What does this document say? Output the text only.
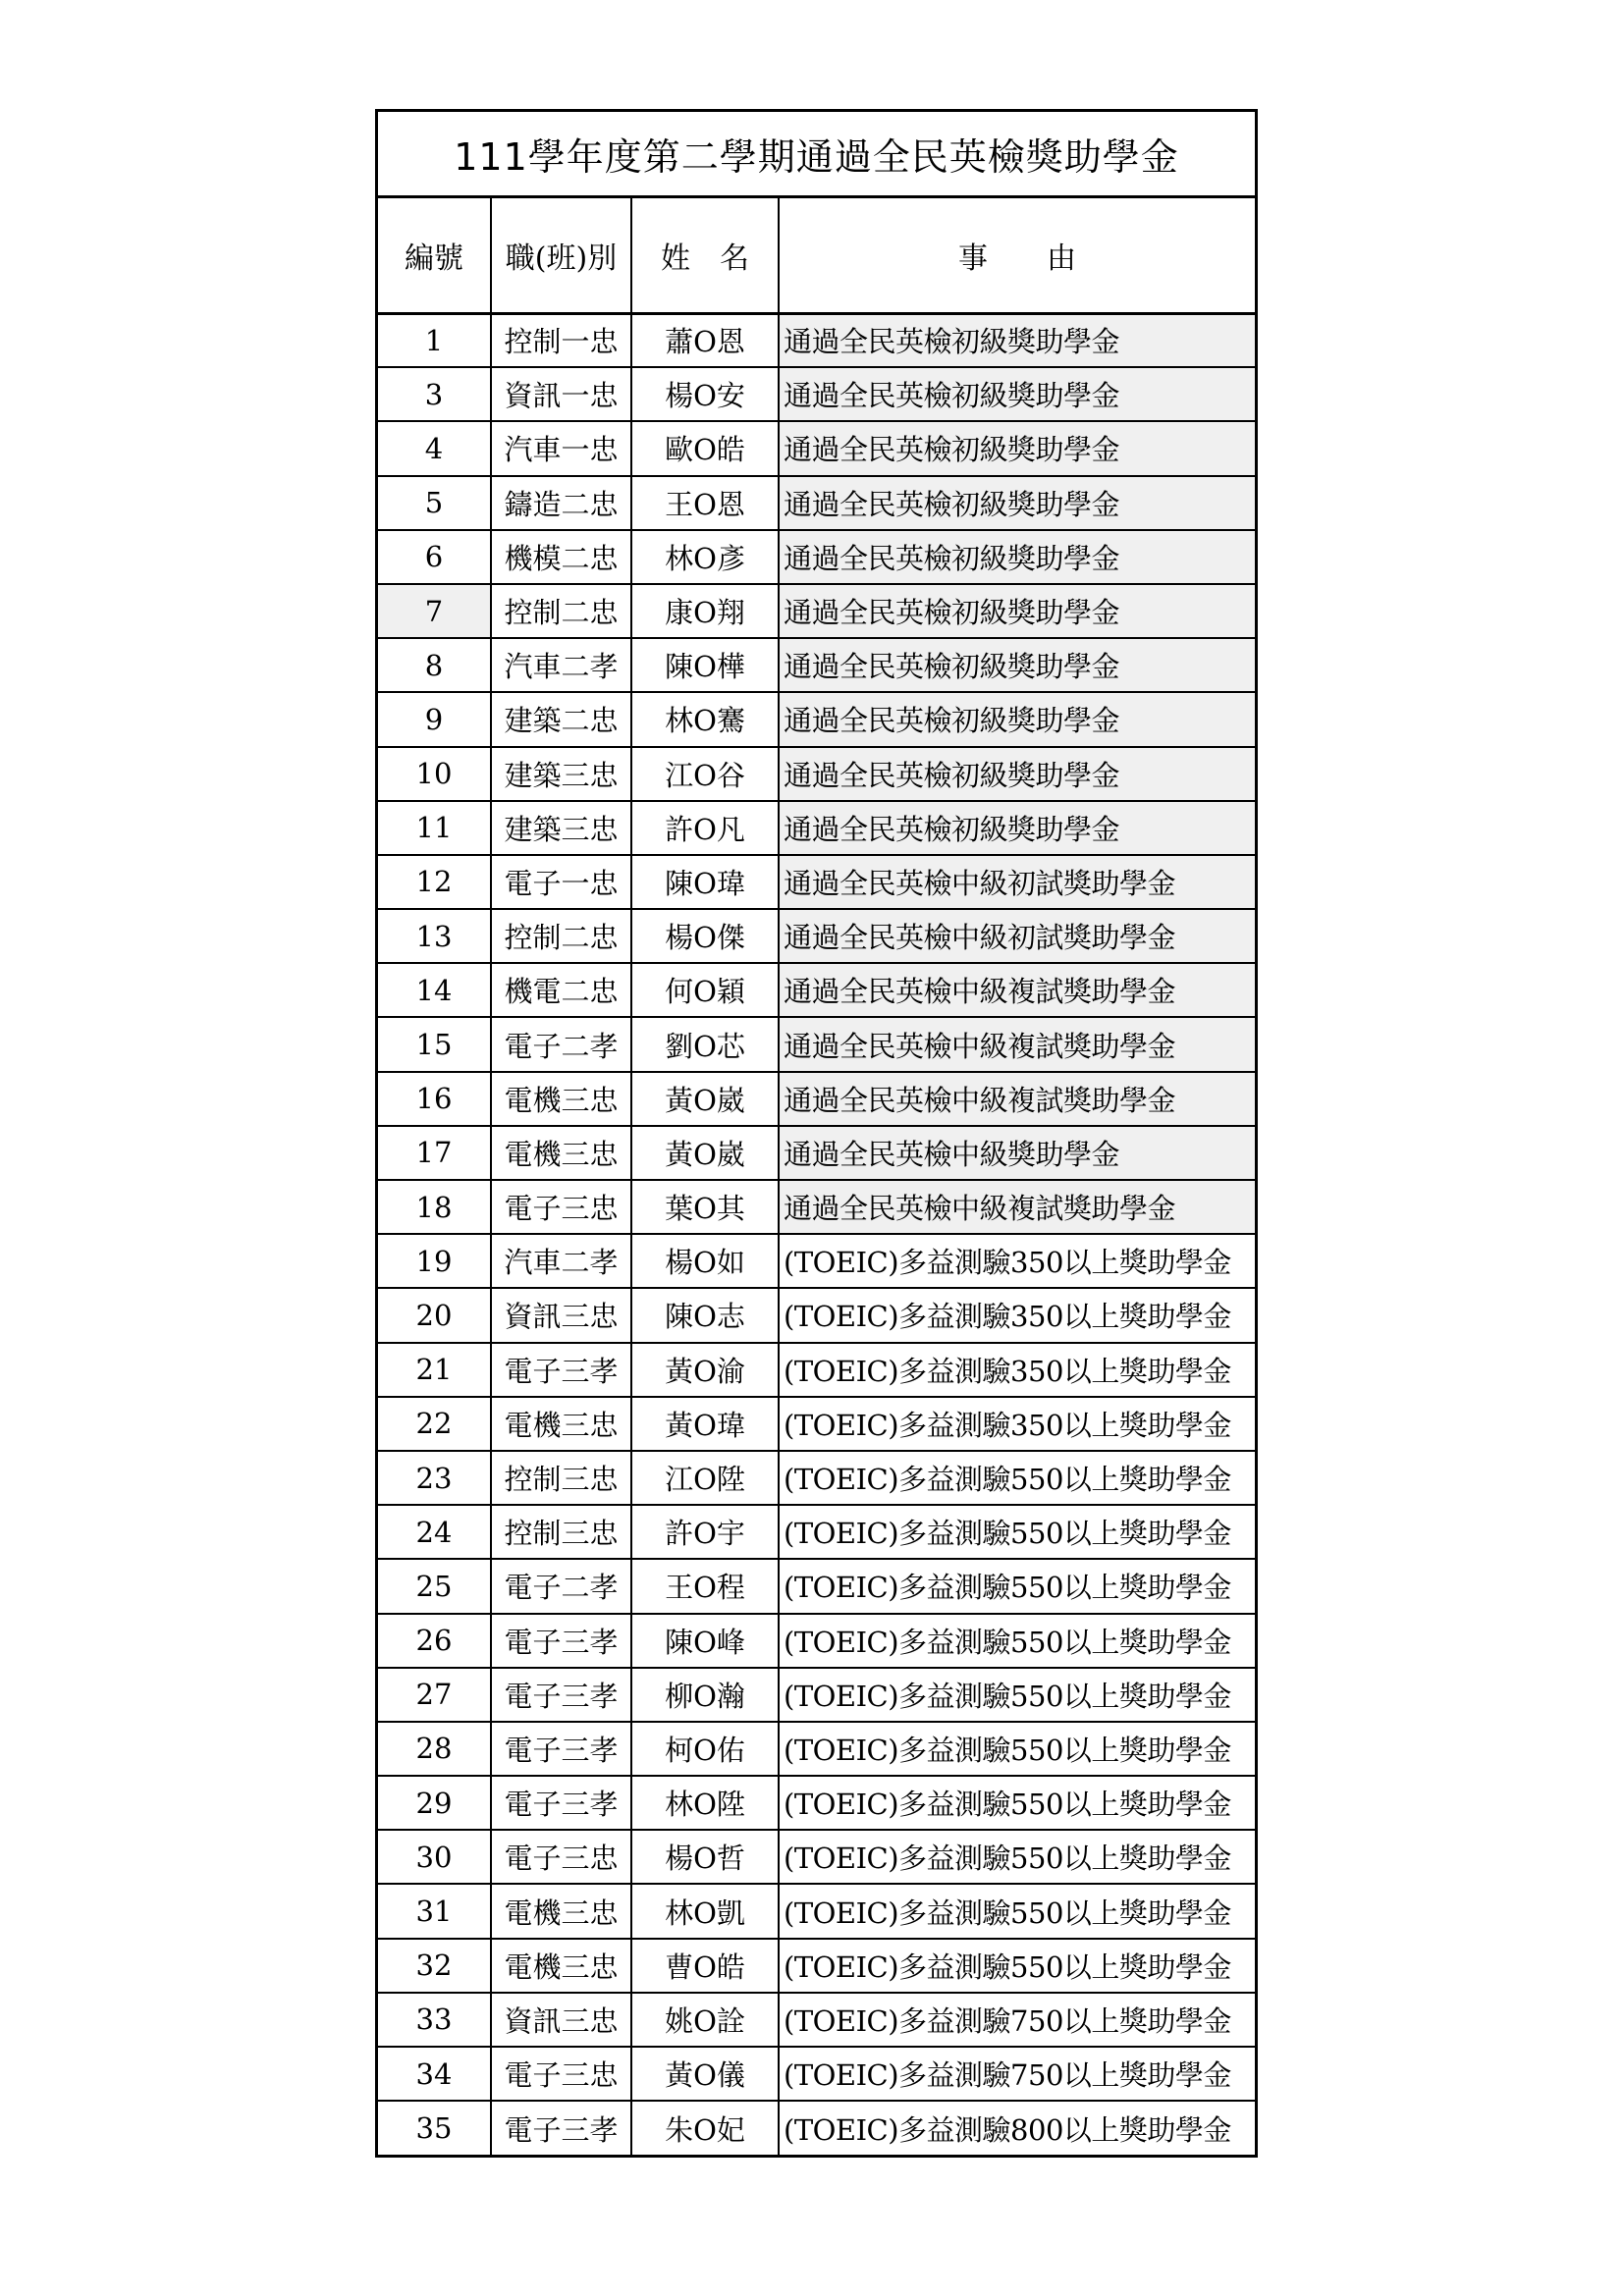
111學年度第二學期通過全民英檢獎助學金
編號	職(班)別	姓　名	事　　由
1	控制一忠	蕭O恩	通過全民英檢初級獎助學金
3	資訊一忠	楊O安	通過全民英檢初級獎助學金
4	汽車一忠	歐O皓	通過全民英檢初級獎助學金
5	鑄造二忠	王O恩	通過全民英檢初級獎助學金
6	機模二忠	林O彥	通過全民英檢初級獎助學金
7	控制二忠	康O翔	通過全民英檢初級獎助學金
8	汽車二孝	陳O樺	通過全民英檢初級獎助學金
9	建築二忠	林O騫	通過全民英檢初級獎助學金
10	建築三忠	江O谷	通過全民英檢初級獎助學金
11	建築三忠	許O凡	通過全民英檢初級獎助學金
12	電子一忠	陳O瑋	通過全民英檢中級初試獎助學金
13	控制二忠	楊O傑	通過全民英檢中級初試獎助學金
14	機電二忠	何O穎	通過全民英檢中級複試獎助學金
15	電子二孝	劉O芯	通過全民英檢中級複試獎助學金
16	電機三忠	黃O崴	通過全民英檢中級複試獎助學金
17	電機三忠	黃O崴	通過全民英檢中級獎助學金
18	電子三忠	葉O其	通過全民英檢中級複試獎助學金
19	汽車二孝	楊O如	(TOEIC)多益測驗350以上獎助學金
20	資訊三忠	陳O志	(TOEIC)多益測驗350以上獎助學金
21	電子三孝	黃O渝	(TOEIC)多益測驗350以上獎助學金
22	電機三忠	黃O瑋	(TOEIC)多益測驗350以上獎助學金
23	控制三忠	江O陞	(TOEIC)多益測驗550以上獎助學金
24	控制三忠	許O宇	(TOEIC)多益測驗550以上獎助學金
25	電子二孝	王O程	(TOEIC)多益測驗550以上獎助學金
26	電子三孝	陳O峰	(TOEIC)多益測驗550以上獎助學金
27	電子三孝	柳O瀚	(TOEIC)多益測驗550以上獎助學金
28	電子三孝	柯O佑	(TOEIC)多益測驗550以上獎助學金
29	電子三孝	林O陞	(TOEIC)多益測驗550以上獎助學金
30	電子三忠	楊O哲	(TOEIC)多益測驗550以上獎助學金
31	電機三忠	林O凱	(TOEIC)多益測驗550以上獎助學金
32	電機三忠	曹O皓	(TOEIC)多益測驗550以上獎助學金
33	資訊三忠	姚O詮	(TOEIC)多益測驗750以上獎助學金
34	電子三忠	黃O儀	(TOEIC)多益測驗750以上獎助學金
35	電子三孝	朱O妃	(TOEIC)多益測驗800以上獎助學金
